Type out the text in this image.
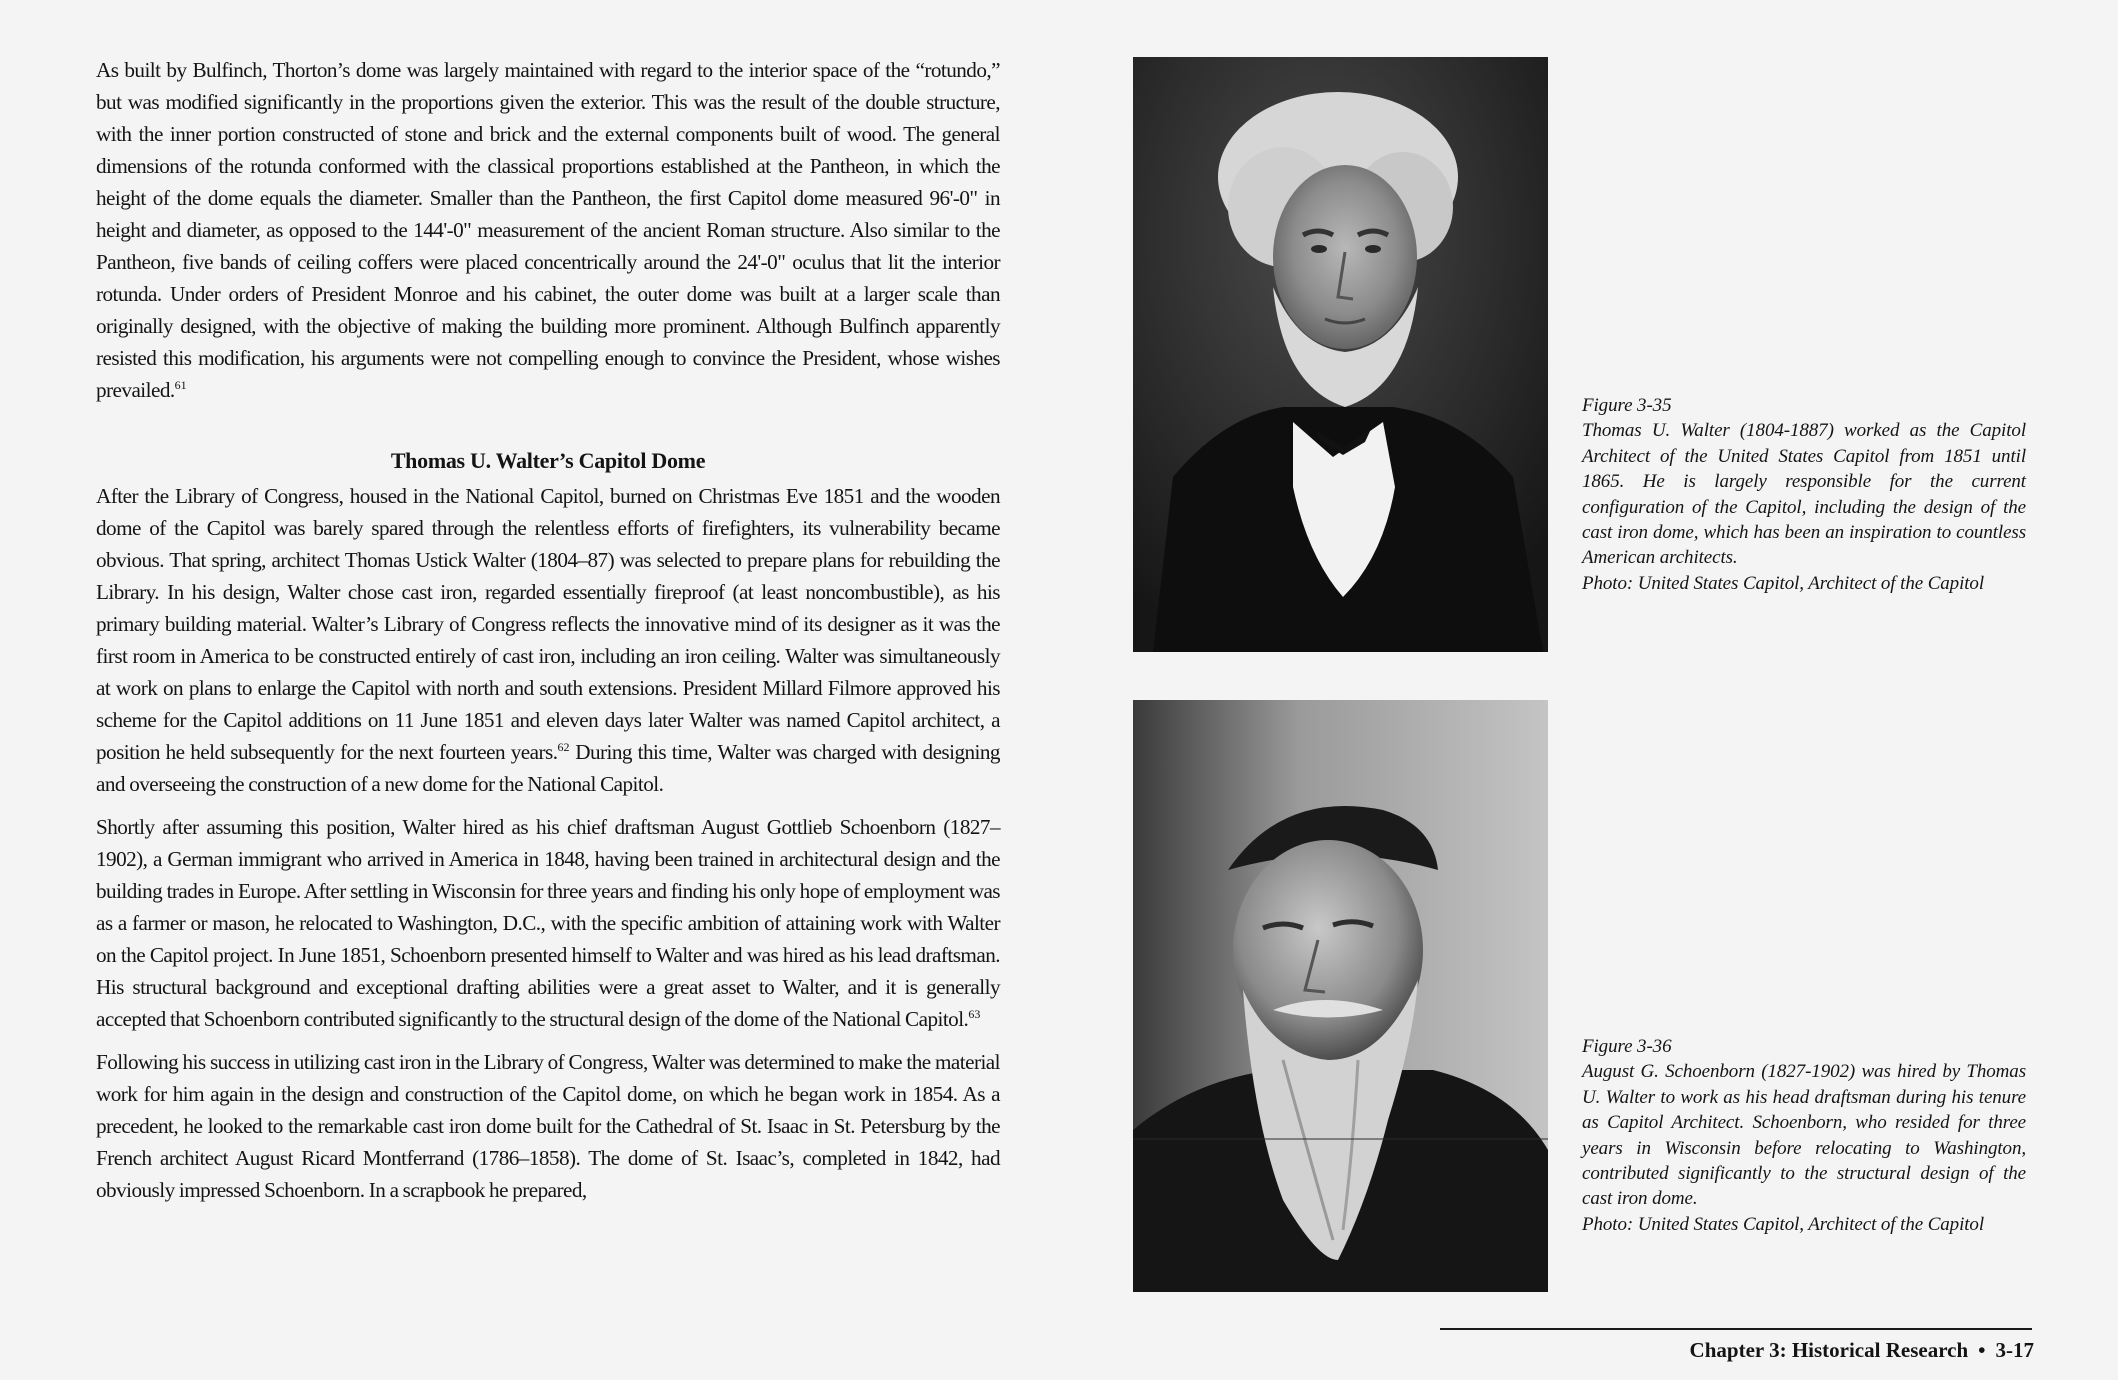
As built by Bulfinch, Thorton’s dome was largely maintained with regard to the interior space of the “rotundo,” but was modified significantly in the proportions given the exterior. This was the result of the double structure, with the inner portion constructed of stone and brick and the external components built of wood. The general dimensions of the rotunda conformed with the classical proportions established at the Pantheon, in which the height of the dome equals the diameter. Smaller than the Pantheon, the first Capitol dome measured 96'-0" in height and diameter, as opposed to the 144'-0" measurement of the ancient Roman structure. Also similar to the Pantheon, five bands of ceiling coffers were placed concentrically around the 24'-0" oculus that lit the interior rotunda. Under orders of President Monroe and his cabinet, the outer dome was built at a larger scale than originally designed, with the objective of making the building more prominent. Although Bulfinch apparently resisted this modification, his arguments were not compelling enough to convince the President, whose wishes prevailed.$^{61}$

Thomas U. Walter’s Capitol Dome

After the Library of Congress, housed in the National Capitol, burned on Christmas Eve 1851 and the wooden dome of the Capitol was barely spared through the relentless efforts of firefighters, its vulnerability became obvious. That spring, architect Thomas Ustick Walter (1804–87) was selected to prepare plans for rebuilding the Library. In his design, Walter chose cast iron, regarded essentially fireproof (at least noncombustible), as his primary building material. Walter’s Library of Congress reflects the innovative mind of its designer as it was the first room in America to be constructed entirely of cast iron, including an iron ceiling. Walter was simultaneously at work on plans to enlarge the Capitol with north and south extensions. President Millard Filmore approved his scheme for the Capitol additions on 11 June 1851 and eleven days later Walter was named Capitol architect, a position he held subsequently for the next fourteen years.$^{62}$ During this time, Walter was charged with designing and overseeing the construction of a new dome for the National Capitol.

Shortly after assuming this position, Walter hired as his chief draftsman August Gottlieb Schoenborn (1827–1902), a German immigrant who arrived in America in 1848, having been trained in architectural design and the building trades in Europe. After settling in Wisconsin for three years and finding his only hope of employment was as a farmer or mason, he relocated to Washington, D.C., with the specific ambition of attaining work with Walter on the Capitol project. In June 1851, Schoenborn presented himself to Walter and was hired as his lead draftsman. His structural background and exceptional drafting abilities were a great asset to Walter, and it is generally accepted that Schoenborn contributed significantly to the structural design of the dome of the National Capitol.$^{63}$

Following his success in utilizing cast iron in the Library of Congress, Walter was determined to make the material work for him again in the design and construction of the Capitol dome, on which he began work in 1854. As a precedent, he looked to the remarkable cast iron dome built for the Cathedral of St. Isaac in St. Petersburg by the French architect August Ricard Montferrand (1786–1858). The dome of St. Isaac’s, completed in 1842, had obviously impressed Schoenborn. In a scrapbook he prepared,

Figure 3-35
Thomas U. Walter (1804-1887) worked as the Capitol Architect of the United States Capitol from 1851 until 1865. He is largely responsible for the current configuration of the Capitol, including the design of the cast iron dome, which has been an inspiration to countless American architects.
Photo: United States Capitol, Architect of the Capitol
Figure 3-36
August G. Schoenborn (1827-1902) was hired by Thomas U. Walter to work as his head draftsman during his tenure as Capitol Architect. Schoenborn, who resided for three years in Wisconsin before relocating to Washington, contributed significantly to the structural design of the cast iron dome.
Photo: United States Capitol, Architect of the Capitol
Chapter 3: Historical Research • 3-17
